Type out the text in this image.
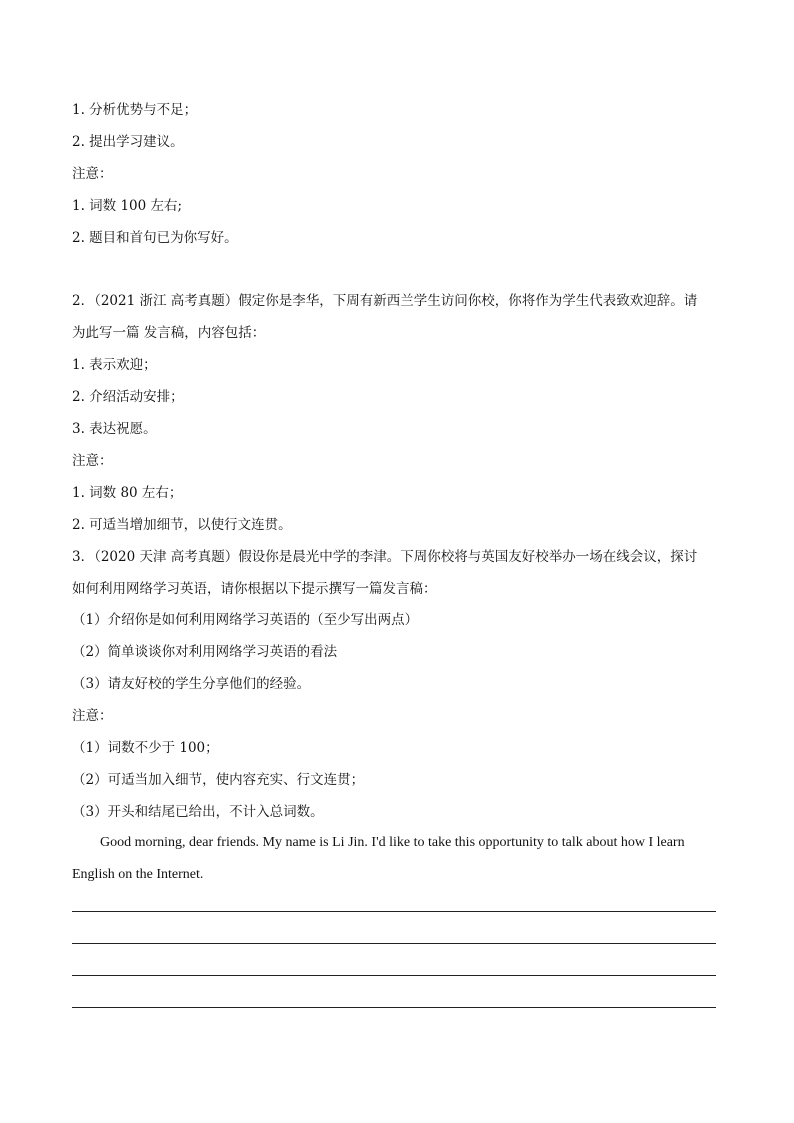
1. 分析优势与不足；

2. 提出学习建议。

注意：

1. 词数 100 左右;

2. 题目和首句已为你写好。

2．（2021 浙江 高考真题）假定你是李华，下周有新西兰学生访问你校，你将作为学生代表致欢迎辞。请

为此写一篇 发言稿，内容包括：

1. 表示欢迎；

2. 介绍活动安排；

3. 表达祝愿。

注意：

1. 词数 80 左右；

2. 可适当增加细节，以使行文连贯。

3．（2020 天津 高考真题）假设你是晨光中学的李津。下周你校将与英国友好校举办一场在线会议，探讨

如何利用网络学习英语，请你根据以下提示撰写一篇发言稿：

（1）介绍你是如何利用网络学习英语的（至少写出两点）

（2）简单谈谈你对利用网络学习英语的看法

（3）请友好校的学生分享他们的经验。

注意：

（1）词数不少于 100；

（2）可适当加入细节，使内容充实、行文连贯；

（3）开头和结尾已给出，不计入总词数。

Good morning, dear friends. My name is Li Jin. I'd like to take this opportunity to talk about how I learn

English on the Internet.
